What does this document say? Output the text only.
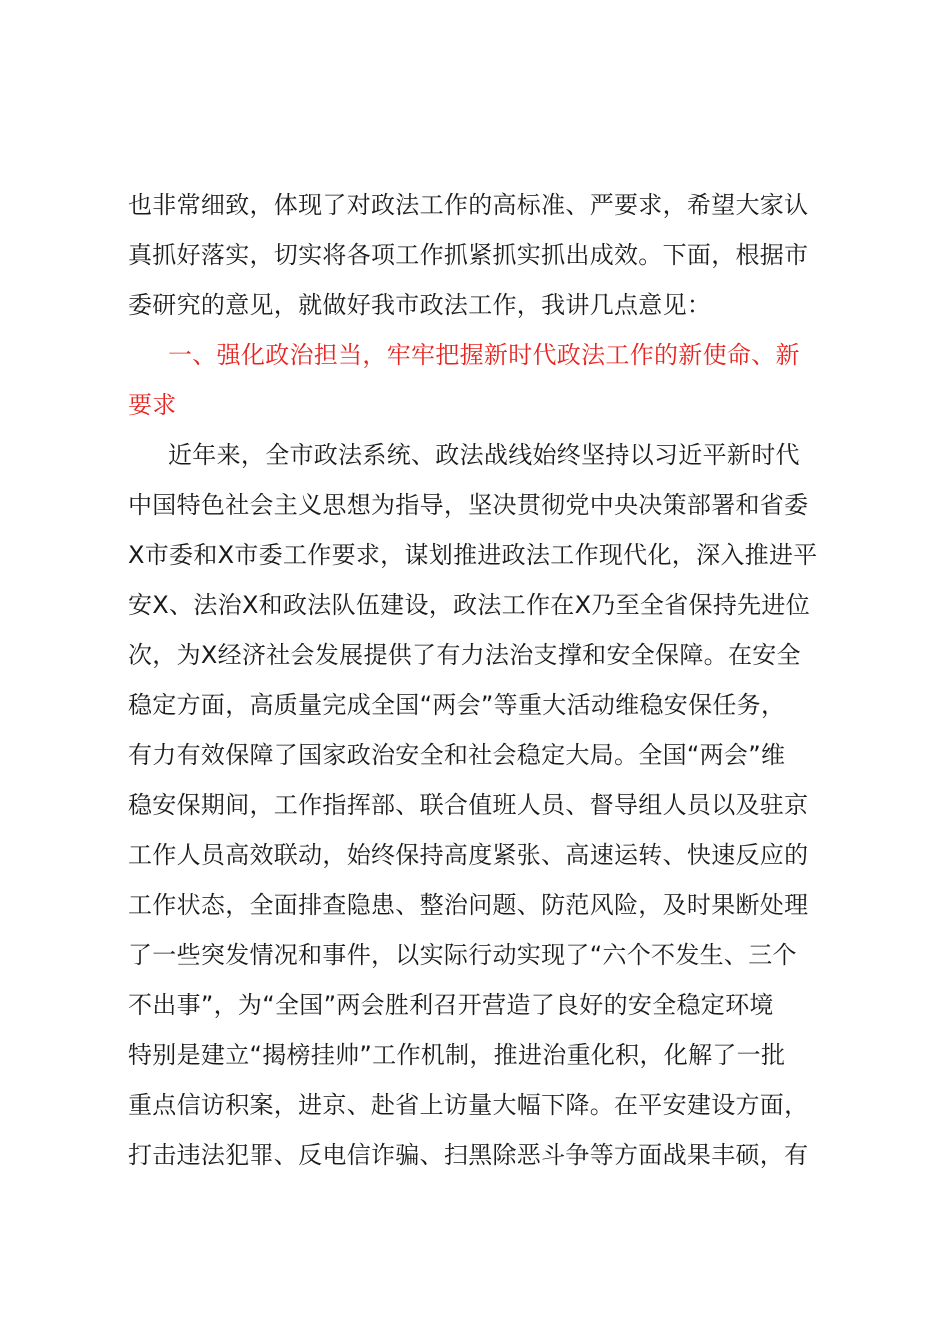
也非常细致，体现了对政法工作的高标准、严要求，希望大家认
真抓好落实，切实将各项工作抓紧抓实抓出成效。下面，根据市
委研究的意见，就做好我市政法工作，我讲几点意见：
一、强化政治担当，牢牢把握新时代政法工作的新使命、新
要求
近年来，全市政法系统、政法战线始终坚持以习近平新时代
中国特色社会主义思想为指导，坚决贯彻党中央决策部署和省委
X市委和X市委工作要求，谋划推进政法工作现代化，深入推进平
安X、法治X和政法队伍建设，政法工作在X乃至全省保持先进位
次，为X经济社会发展提供了有力法治支撑和安全保障。在安全
稳定方面，高质量完成全国“两会”等重大活动维稳安保任务，
有力有效保障了国家政治安全和社会稳定大局。全国“两会”维
稳安保期间，工作指挥部、联合值班人员、督导组人员以及驻京
工作人员高效联动，始终保持高度紧张、高速运转、快速反应的
工作状态，全面排查隐患、整治问题、防范风险，及时果断处理
了一些突发情况和事件，以实际行动实现了“六个不发生、三个
不出事”，为“全国”两会胜利召开营造了良好的安全稳定环境
特别是建立“揭榜挂帅”工作机制，推进治重化积，化解了一批
重点信访积案，进京、赴省上访量大幅下降。在平安建设方面，
打击违法犯罪、反电信诈骗、扫黑除恶斗争等方面战果丰硕，有
